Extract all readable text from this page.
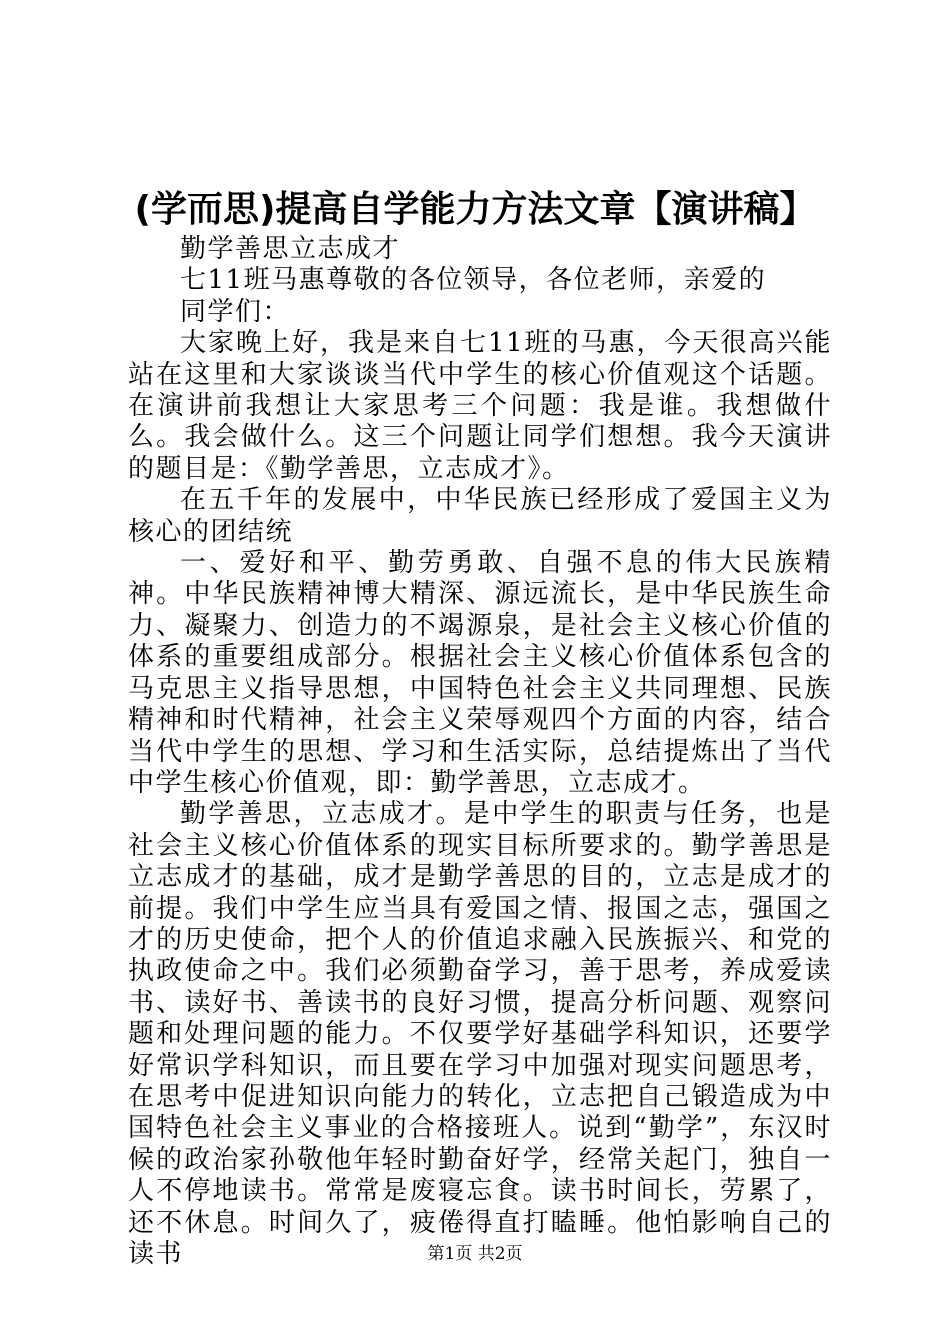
(学而思)提高自学能力方法文章【演讲稿】

勤学善思立志成才

七11班马惠尊敬的各位领导，各位老师，亲爱的

同学们：

大家晚上好，我是来自七11班的马惠，今天很高兴能站在这里和大家谈谈当代中学生的核心价值观这个话题。在演讲前我想让大家思考三个问题：我是谁。我想做什么。我会做什么。这三个问题让同学们想想。我今天演讲的题目是：《勤学善思，立志成才》。

在五千年的发展中，中华民族已经形成了爱国主义为核心的团结统

一、爱好和平、勤劳勇敢、自强不息的伟大民族精神。中华民族精神博大精深、源远流长，是中华民族生命力、凝聚力、创造力的不竭源泉，是社会主义核心价值的体系的重要组成部分。根据社会主义核心价值体系包含的马克思主义指导思想，中国特色社会主义共同理想、民族精神和时代精神，社会主义荣辱观四个方面的内容，结合当代中学生的思想、学习和生活实际，总结提炼出了当代中学生核心价值观，即：勤学善思，立志成才。

勤学善思，立志成才。是中学生的职责与任务，也是社会主义核心价值体系的现实目标所要求的。勤学善思是立志成才的基础，成才是勤学善思的目的，立志是成才的前提。我们中学生应当具有爱国之情、报国之志，强国之才的历史使命，把个人的价值追求融入民族振兴、和党的执政使命之中。我们必须勤奋学习，善于思考，养成爱读书、读好书、善读书的良好习惯，提高分析问题、观察问题和处理问题的能力。不仅要学好基础学科知识，还要学好常识学科知识，而且要在学习中加强对现实问题思考，在思考中促进知识向能力的转化，立志把自己锻造成为中国特色社会主义事业的合格接班人。说到“勤学”，东汉时候的政治家孙敬他年轻时勤奋好学，经常关起门，独自一人不停地读书。常常是废寝忘食。读书时间长，劳累了，还不休息。时间久了，疲倦得直打瞌睡。他怕影响自己的读书	第1页 共2页
